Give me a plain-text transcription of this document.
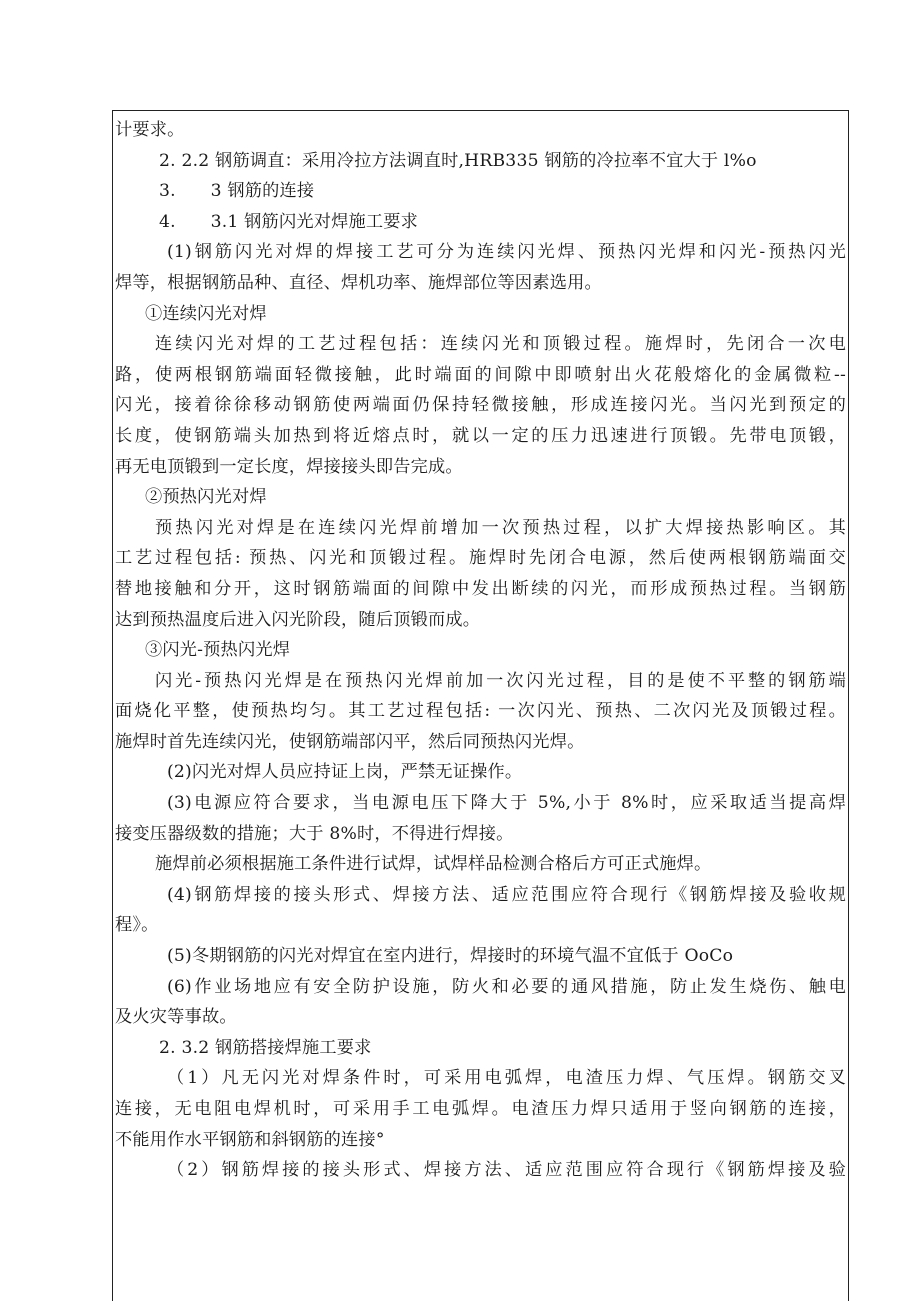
计要求。
2. 2.2 钢筋调直：采用冷拉方法调直时,HRB335 钢筋的冷拉率不宜大于 l%o
3.　　3 钢筋的连接
4.　　3.1 钢筋闪光对焊施工要求
(1)钢筋闪光对焊的焊接工艺可分为连续闪光焊、预热闪光焊和闪光-预热闪光
焊等，根据钢筋品种、直径、焊机功率、施焊部位等因素选用。
①连续闪光对焊
连续闪光对焊的工艺过程包括：连续闪光和顶锻过程。施焊时，先闭合一次电
路，使两根钢筋端面轻微接触，此时端面的间隙中即喷射出火花般熔化的金属微粒--
闪光，接着徐徐移动钢筋使两端面仍保持轻微接触，形成连接闪光。当闪光到预定的
长度，使钢筋端头加热到将近熔点时，就以一定的压力迅速进行顶锻。先带电顶锻，
再无电顶锻到一定长度，焊接接头即告完成。
②预热闪光对焊
预热闪光对焊是在连续闪光焊前增加一次预热过程，以扩大焊接热影响区。其
工艺过程包括: 预热、闪光和顶锻过程。施焊时先闭合电源，然后使两根钢筋端面交
替地接触和分开，这时钢筋端面的间隙中发出断续的闪光，而形成预热过程。当钢筋
达到预热温度后进入闪光阶段，随后顶锻而成。
③闪光-预热闪光焊
闪光-预热闪光焊是在预热闪光焊前加一次闪光过程，目的是使不平整的钢筋端
面烧化平整，使预热均匀。其工艺过程包括: 一次闪光、预热、二次闪光及顶锻过程。
施焊时首先连续闪光，使钢筋端部闪平，然后同预热闪光焊。
(2)闪光对焊人员应持证上岗，严禁无证操作。
(3)电源应符合要求，当电源电压下降大于 5%,小于 8%时，应采取适当提高焊
接变压器级数的措施；大于 8%时，不得进行焊接。
施焊前必须根据施工条件进行试焊，试焊样品检测合格后方可正式施焊。
(4)钢筋焊接的接头形式、焊接方法、适应范围应符合现行《钢筋焊接及验收规
程》。
(5)冬期钢筋的闪光对焊宜在室内进行，焊接时的环境气温不宜低于 OoCo
(6)作业场地应有安全防护设施，防火和必要的通风措施，防止发生烧伤、触电
及火灾等事故。
2. 3.2 钢筋搭接焊施工要求
（1）凡无闪光对焊条件时，可采用电弧焊，电渣压力焊、气压焊。钢筋交叉
连接，无电阻电焊机时，可采用手工电弧焊。电渣压力焊只适用于竖向钢筋的连接，
不能用作水平钢筋和斜钢筋的连接°
（2）钢筋焊接的接头形式、焊接方法、适应范围应符合现行《钢筋焊接及验
